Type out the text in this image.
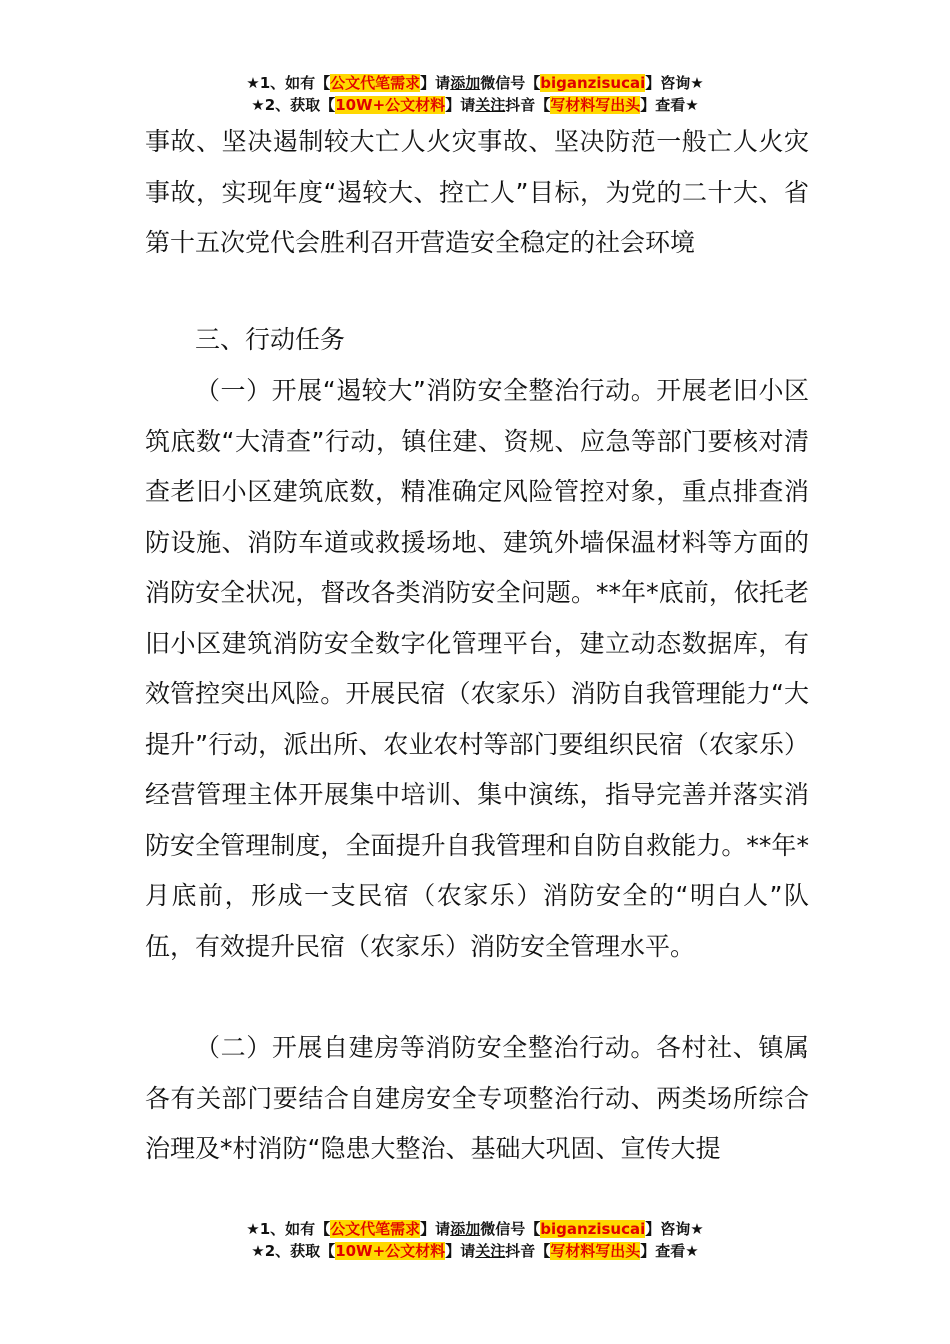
★1、如有【公文代笔需求】请添加微信号【biganzisucai】咨询★
★2、获取【10W+公文材料】请关注抖音【写材料写出头】查看★

事故、坚决遏制较大亡人火灾事故、坚决防范一般亡人火灾事故，实现年度“遏较大、控亡人”目标，为党的二十大、省第十五次党代会胜利召开营造安全稳定的社会环境

三、行动任务

（一）开展“遏较大”消防安全整治行动。开展老旧小区筑底数“大清查”行动，镇住建、资规、应急等部门要核对清查老旧小区建筑底数，精准确定风险管控对象，重点排查消防设施、消防车道或救援场地、建筑外墙保温材料等方面的消防安全状况，督改各类消防安全问题。**年*底前，依托老旧小区建筑消防安全数字化管理平台，建立动态数据库，有效管控突出风险。开展民宿（农家乐）消防自我管理能力“大提升”行动，派出所、农业农村等部门要组织民宿（农家乐）经营管理主体开展集中培训、集中演练，指导完善并落实消防安全管理制度，全面提升自我管理和自防自救能力。**年*月底前，形成一支民宿（农家乐）消防安全的“明白人”队伍，有效提升民宿（农家乐）消防安全管理水平。

（二）开展自建房等消防安全整治行动。各村社、镇属各有关部门要结合自建房安全专项整治行动、两类场所综合治理及*村消防“隐患大整治、基础大巩固、宣传大提

★1、如有【公文代笔需求】请添加微信号【biganzisucai】咨询★
★2、获取【10W+公文材料】请关注抖音【写材料写出头】查看★
